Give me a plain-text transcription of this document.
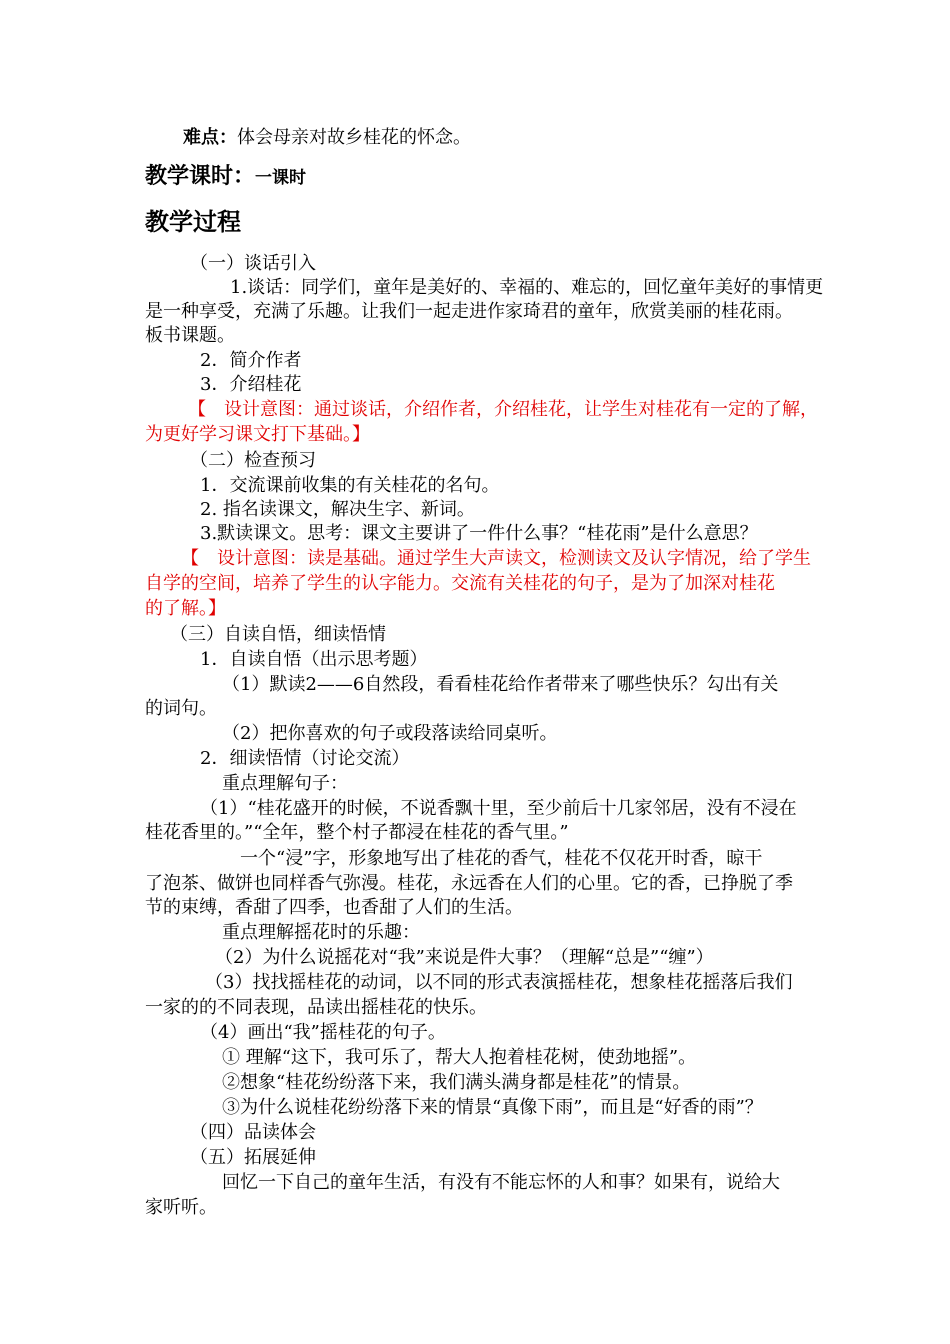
难点：体会母亲对故乡桂花的怀念。
教学课时：一课时
教学过程
（一）谈话引入
1.谈话：同学们，童年是美好的、幸福的、难忘的，回忆童年美好的事情更
是一种享受，充满了乐趣。让我们一起走进作家琦君的童年，欣赏美丽的桂花雨。
板书课题。
2．简介作者
3．介绍桂花
【　设计意图：通过谈话，介绍作者，介绍桂花，让学生对桂花有一定的了解，
为更好学习课文打下基础。】
（二）检查预习
1．交流课前收集的有关桂花的名句。
2. 指名读课文，解决生字、新词。
3.默读课文。思考：课文主要讲了一件什么事？“桂花雨”是什么意思？
【　设计意图：读是基础。通过学生大声读文，检测读文及认字情况，给了学生
自学的空间，培养了学生的认字能力。交流有关桂花的句子，是为了加深对桂花
的了解。】
（三）自读自悟，细读悟情
1．自读自悟（出示思考题）
（1）默读2——6自然段，看看桂花给作者带来了哪些快乐？勾出有关
的词句。
（2）把你喜欢的句子或段落读给同桌听。
2．细读悟情（讨论交流）
重点理解句子：
（1）“桂花盛开的时候，不说香飘十里，至少前后十几家邻居，没有不浸在
桂花香里的。”“全年，整个村子都浸在桂花的香气里。”
一个“浸”字，形象地写出了桂花的香气，桂花不仅花开时香，晾干
了泡茶、做饼也同样香气弥漫。桂花，永远香在人们的心里。它的香，已挣脱了季
节的束缚，香甜了四季，也香甜了人们的生活。
重点理解摇花时的乐趣：
（2）为什么说摇花对“我”来说是件大事？（理解“总是”“缠”）
（3）找找摇桂花的动词，以不同的形式表演摇桂花，想象桂花摇落后我们
一家的的不同表现，品读出摇桂花的快乐。
（4）画出“我”摇桂花的句子。
① 理解“这下，我可乐了，帮大人抱着桂花树，使劲地摇”。
②想象“桂花纷纷落下来，我们满头满身都是桂花”的情景。
③为什么说桂花纷纷落下来的情景“真像下雨”，而且是“好香的雨”？
（四）品读体会
（五）拓展延伸
回忆一下自己的童年生活，有没有不能忘怀的人和事？如果有，说给大
家听听。
